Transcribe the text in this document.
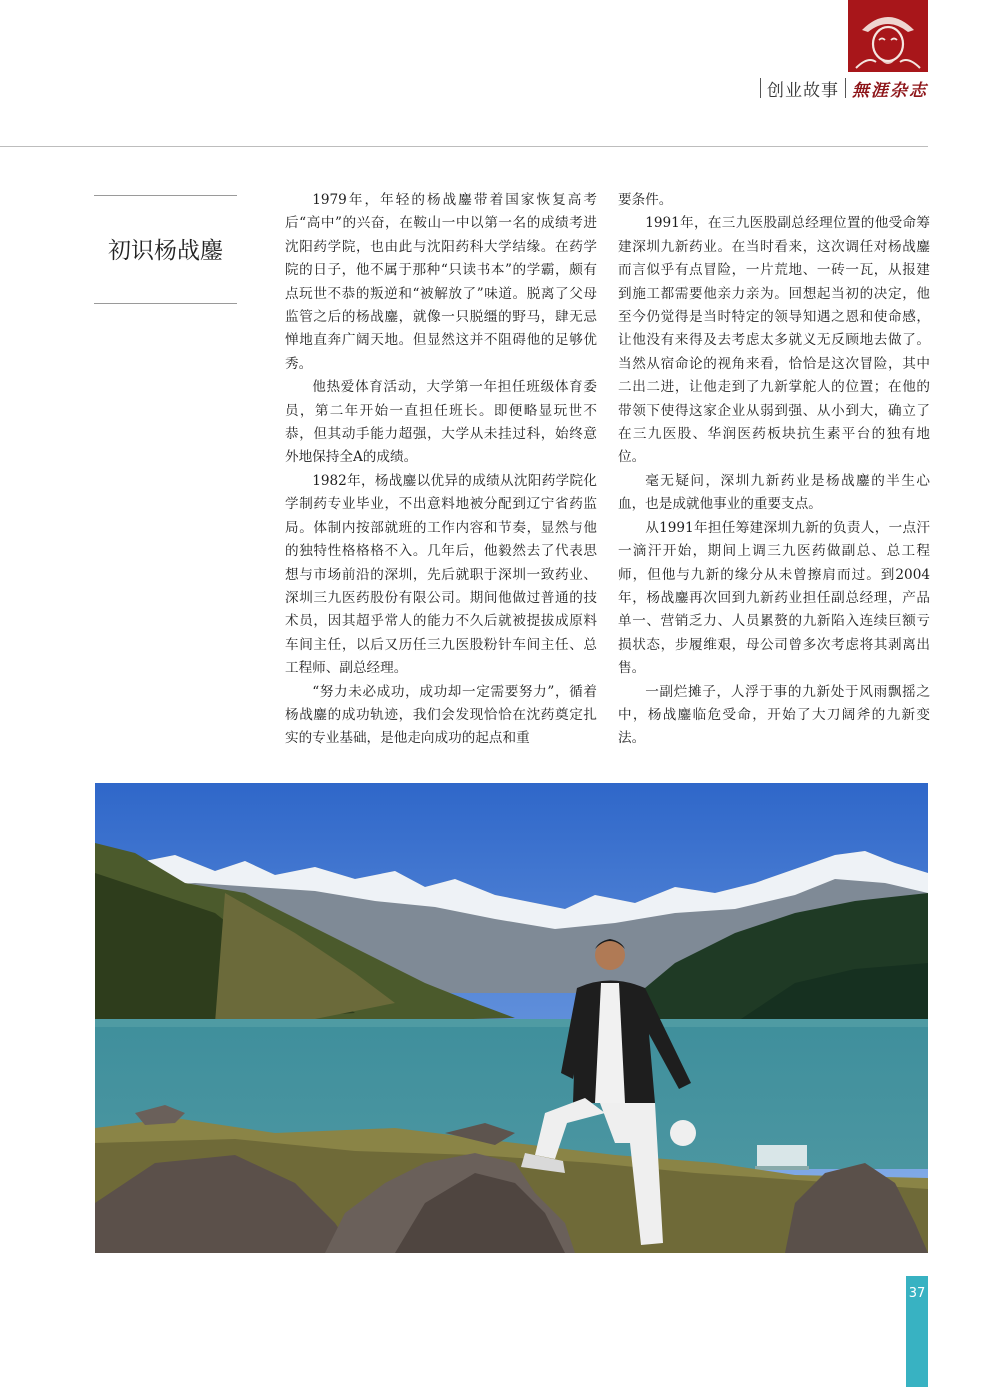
创业故事 無涯杂志
初识杨战鏖

1979年，年轻的杨战鏖带着国家恢复高考后“高中”的兴奋，在鞍山一中以第一名的成绩考进沈阳药学院，也由此与沈阳药科大学结缘。在药学院的日子，他不属于那种“只读书本”的学霸，颇有点玩世不恭的叛逆和“被解放了”味道。脱离了父母监管之后的杨战鏖，就像一只脱缰的野马，肆无忌惮地直奔广阔天地。但显然这并不阻碍他的足够优秀。

他热爱体育活动，大学第一年担任班级体育委员，第二年开始一直担任班长。即便略显玩世不恭，但其动手能力超强，大学从未挂过科，始终意外地保持全A的成绩。

1982年，杨战鏖以优异的成绩从沈阳药学院化学制药专业毕业，不出意料地被分配到辽宁省药监局。体制内按部就班的工作内容和节奏，显然与他的独特性格格格不入。几年后，他毅然去了代表思想与市场前沿的深圳，先后就职于深圳一致药业、深圳三九医药股份有限公司。期间他做过普通的技术员，因其超乎常人的能力不久后就被提拔成原料车间主任，以后又历任三九医股粉针车间主任、总工程师、副总经理。

“努力未必成功，成功却一定需要努力”，循着杨战鏖的成功轨迹，我们会发现恰恰在沈药奠定扎实的专业基础，是他走向成功的起点和重

要条件。

1991年，在三九医股副总经理位置的他受命筹建深圳九新药业。在当时看来，这次调任对杨战鏖而言似乎有点冒险，一片荒地、一砖一瓦，从报建到施工都需要他亲力亲为。回想起当初的决定，他至今仍觉得是当时特定的领导知遇之恩和使命感，让他没有来得及去考虑太多就义无反顾地去做了。当然从宿命论的视角来看，恰恰是这次冒险，其中二出二进，让他走到了九新掌舵人的位置；在他的带领下使得这家企业从弱到强、从小到大，确立了在三九医股、华润医药板块抗生素平台的独有地位。

毫无疑问，深圳九新药业是杨战鏖的半生心血，也是成就他事业的重要支点。

从1991年担任筹建深圳九新的负责人，一点汗一滴汗开始，期间上调三九医药做副总、总工程师，但他与九新的缘分从未曾擦肩而过。到2004年，杨战鏖再次回到九新药业担任副总经理，产品单一、营销乏力、人员累赘的九新陷入连续巨额亏损状态，步履维艰，母公司曾多次考虑将其剥离出售。

一副烂摊子，人浮于事的九新处于风雨飘摇之中，杨战鏖临危受命，开始了大刀阔斧的九新变法。

37
